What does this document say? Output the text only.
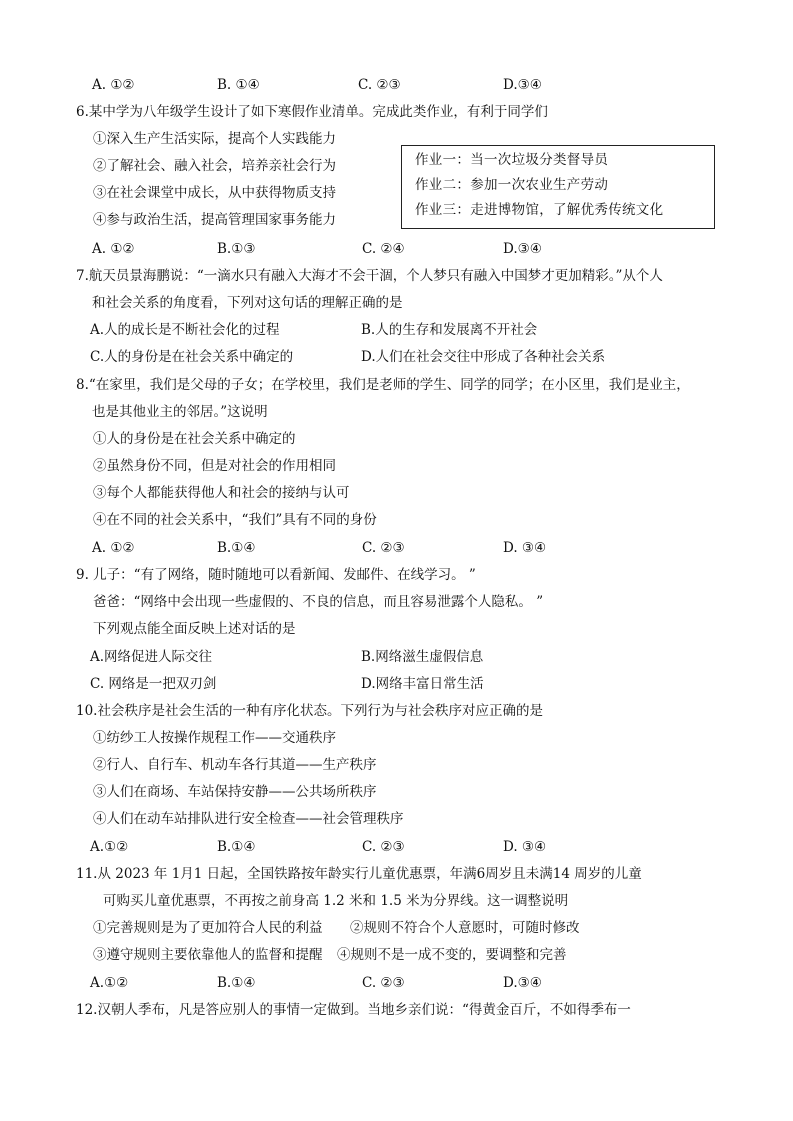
A. ①②	B. ①④	C. ②③	D.③④
6.某中学为八年级学生设计了如下寒假作业清单。完成此类作业，有利于同学们
①深入生产生活实际，提高个人实践能力
②了解社会、融入社会，培养亲社会行为
③在社会课堂中成长，从中获得物质支持
④参与政治生活，提高管理国家事务能力
作业一：当一次垃圾分类督导员
作业二：参加一次农业生产劳动
作业三：走进博物馆，了解优秀传统文化
A. ①②	B.①③	C. ②④	D.③④
7.航天员景海鹏说：“一滴水只有融入大海才不会干涸，个人梦只有融入中国梦才更加精彩。”从个人
和社会关系的角度看，下列对这句话的理解正确的是
A.人的成长是不断社会化的过程	B.人的生存和发展离不开社会
C.人的身份是在社会关系中确定的	D.人们在社会交往中形成了各种社会关系
8.“在家里，我们是父母的子女；在学校里，我们是老师的学生、同学的同学；在小区里，我们是业主，
也是其他业主的邻居。”这说明
①人的身份是在社会关系中确定的
②虽然身份不同，但是对社会的作用相同
③每个人都能获得他人和社会的接纳与认可
④在不同的社会关系中，“我们”具有不同的身份
A. ①②	B.①④	C. ②③	D. ③④
9. 儿子：“有了网络，随时随地可以看新闻、发邮件、在线学习。 ”
爸爸：“网络中会出现一些虚假的、不良的信息，而且容易泄露个人隐私。 ”
下列观点能全面反映上述对话的是
A.网络促进人际交往	B.网络滋生虚假信息
C. 网络是一把双刃剑	D.网络丰富日常生活
10.社会秩序是社会生活的一种有序化状态。下列行为与社会秩序对应正确的是
①纺纱工人按操作规程工作——交通秩序
②行人、自行车、机动车各行其道——生产秩序
③人们在商场、车站保持安静——公共场所秩序
④人们在动车站排队进行安全检查——社会管理秩序
A.①②	B.①④	C. ②③	D. ③④
11.从 2023 年 1月1 日起，全国铁路按年龄实行儿童优惠票，年满6周岁且未满14 周岁的儿童
可购买儿童优惠票，不再按之前身高 1.2 米和 1.5 米为分界线。这一调整说明
①完善规则是为了更加符合人民的利益 ②规则不符合个人意愿时，可随时修改
③遵守规则主要依靠他人的监督和提醒 ④规则不是一成不变的，要调整和完善
A.①②	B.①④	C. ②③	D.③④
12.汉朝人季布，凡是答应别人的事情一定做到。当地乡亲们说：“得黄金百斤，不如得季布一
